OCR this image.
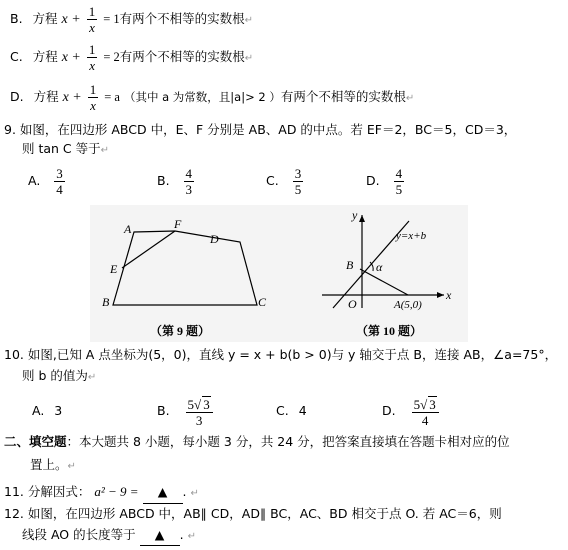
B. 方程 $x + \frac{1}{x} = 1$有两个不相等的实数根↵
C. 方程 $x + \frac{1}{x} = 2$有两个不相等的实数根↵
D. 方程 $x + \frac{1}{x} = a$ （其中 a 为常数，且|a|> 2 ）有两个不相等的实数根↵
9. 如图，在四边形 ABCD 中，E、F 分别是 AB、AD 的中点。若 EF＝2，BC＝5，CD＝3，
则 tan C 等于↵
A. $\frac{3}{4}$	B. $\frac{4}{3}$	C. $\frac{3}{5}$	D. $\frac{4}{5}$
A	F
D
E
B	C
（第 9 题）
y
x
O
B
A(5,0)
α
y=x+b
（第 10 题）
10. 如图,已知 A 点坐标为(5，0)，直线 y = x + b(b > 0)与 y 轴交于点 B，连接 AB，∠a=75°，
则 b 的值为↵
A. 3	B. $\frac{5√ 3}{3}$	C. 4	D. $\frac{5√ 3}{4}$
二、填空题：本大题共 8 小题，每小题 3 分，共 24 分，把答案直接填在答题卡相对应的位
置上。↵
11. 分解因式： a² − 9 = ▲ . ↵
12. 如图，在四边形 ABCD 中，AB∥ CD，AD∥ BC，AC、BD 相交于点 O. 若 AC＝6，则
线段 AO 的长度等于 ▲ . ↵
